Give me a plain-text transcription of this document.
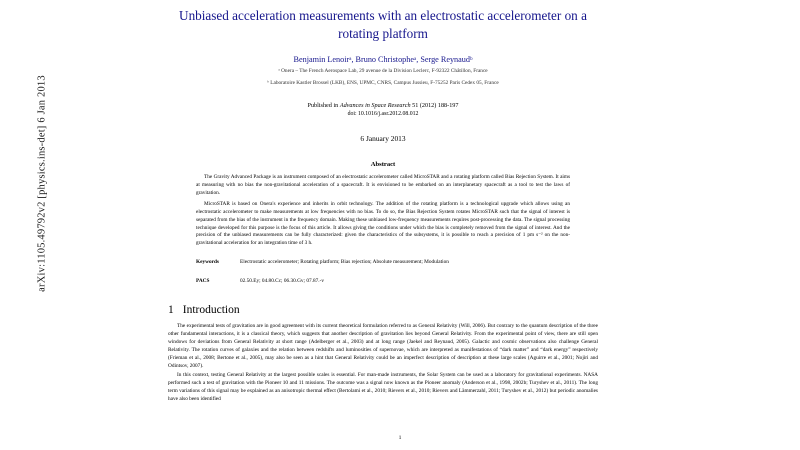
arXiv:1105.49792v2 [physics.ins-det] 6 Jan 2013
Unbiased acceleration measurements with an electrostatic accelerometer on a rotating platform
Benjamin Lenoirᵃ, Bruno Christopheᵃ, Serge Reynaudᵇ
ᵃ Onera – The French Aerospace Lab, 29 avenue de la Division Leclerc, F-92322 Châtillon, France
ᵇ Laboratoire Kastler Brossel (LKB), ENS, UPMC, CNRS, Campus Jussieu, F-75252 Paris Cedex 05, France
Published in Advances in Space Research 51 (2012) 188-197
doi: 10.1016/j.asr.2012.08.012
6 January 2013
Abstract

The Gravity Advanced Package is an instrument composed of an electrostatic accelerometer called MicroSTAR and a rotating platform called Bias Rejection System. It aims at measuring with no bias the non-gravitational acceleration of a spacecraft. It is envisioned to be embarked on an interplanetary spacecraft as a tool to test the laws of gravitation.

MicroSTAR is based on Onera's experience and inherits in orbit technology. The addition of the rotating platform is a technological upgrade which allows using an electrostatic accelerometer to make measurements at low frequencies with no bias. To do so, the Bias Rejection System rotates MicroSTAR such that the signal of interest is separated from the bias of the instrument in the frequency domain. Making these unbiased low-frequency measurements requires post-processing the data. The signal processing technique developed for this purpose is the focus of this article. It allows giving the conditions under which the bias is completely removed from the signal of interest. And the precision of the unbiased measurements can be fully characterized: given the characteristics of the subsystems, it is possible to reach a precision of 1 pm s⁻² on the non-gravitational acceleration for an integration time of 3 h.

Keywords	Electrostatic accelerometer; Rotating platform; Bias rejection; Absolute measurement; Modulation
PACS	02.50.Ey; 04.80.Cc; 06.30.Gv; 07.87.-v
1 Introduction

The experimental tests of gravitation are in good agreement with its current theoretical formulation referred to as General Relativity (Will, 2006). But contrary to the quantum description of the three other fundamental interactions, it is a classical theory, which suggests that another description of gravitation lies beyond General Relativity. From the experimental point of view, there are still open windows for deviations from General Relativity at short range (Adelberger et al., 2003) and at long range (Jaekel and Reynaud, 2005). Galactic and cosmic observations also challenge General Relativity. The rotation curves of galaxies and the relation between redshifts and luminosities of supernovae, which are interpreted as manifestations of “dark matter” and “dark energy” respectively (Frieman et al., 2008; Bertone et al., 2005), may also be seen as a hint that General Relativity could be an imperfect description of description at these large scales (Aguirre et al., 2001; Nojiri and Odintsov, 2007).

In this context, testing General Relativity at the largest possible scales is essential. For man-made instruments, the Solar System can be used as a laboratory for gravitational experiments. NASA performed such a test of gravitation with the Pioneer 10 and 11 missions. The outcome was a signal now known as the Pioneer anomaly (Anderson et al., 1998, 2002b; Turyshev et al., 2011). The long term variations of this signal may be explained as an anisotropic thermal effect (Bertolami et al., 2010; Rievers et al., 2010; Rievers and Lämmerzahl, 2011; Turyshev et al., 2012) but periodic anomalies have also been identified

1
